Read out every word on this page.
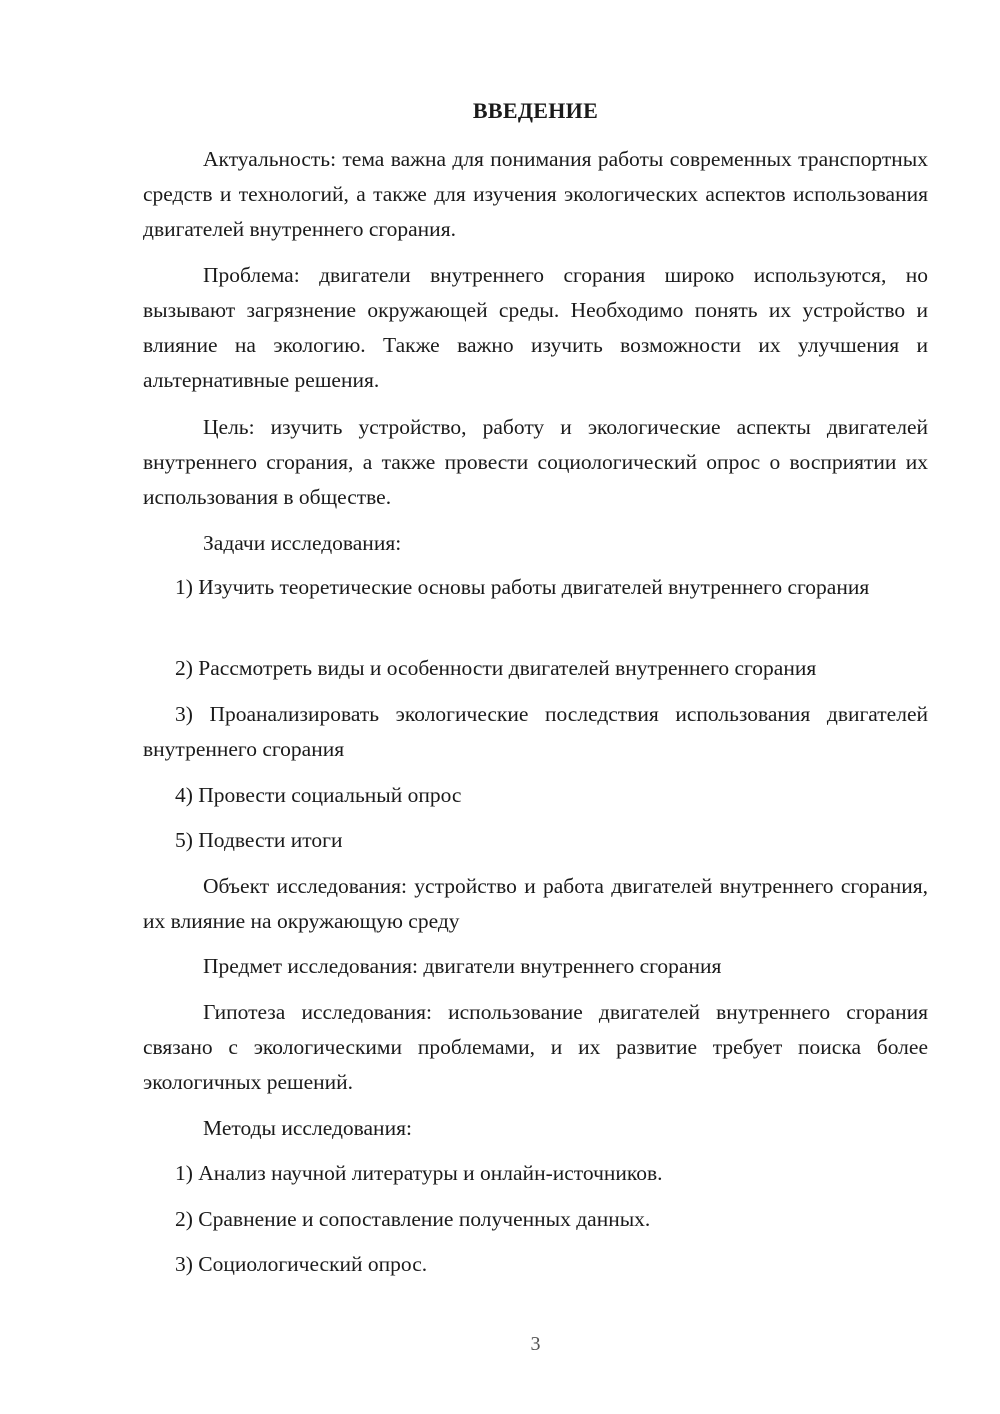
ВВЕДЕНИЕ
Актуальность: тема важна для понимания работы современных транспортных средств и технологий, а также для изучения экологических аспектов использования двигателей внутреннего сгорания.
Проблема: двигатели внутреннего сгорания широко используются, но вызывают загрязнение окружающей среды. Необходимо понять их устройство и влияние на экологию. Также важно изучить возможности их улучшения и альтернативные решения.
Цель: изучить устройство, работу и экологические аспекты двигателей внутреннего сгорания, а также провести социологический опрос о восприятии их использования в обществе.
Задачи исследования:
1) Изучить теоретические основы работы двигателей внутреннего сгорания
2) Рассмотреть виды и особенности двигателей внутреннего сгорания
3) Проанализировать экологические последствия использования двигателей внутреннего сгорания
4) Провести социальный опрос
5) Подвести итоги
Объект исследования: устройство и работа двигателей внутреннего сгорания, их влияние на окружающую среду
Предмет исследования: двигатели внутреннего сгорания
Гипотеза исследования: использование двигателей внутреннего сгорания связано с экологическими проблемами, и их развитие требует поиска более экологичных решений.
Методы исследования:
1) Анализ научной литературы и онлайн-источников.
2) Сравнение и сопоставление полученных данных.
3) Социологический опрос.
3
